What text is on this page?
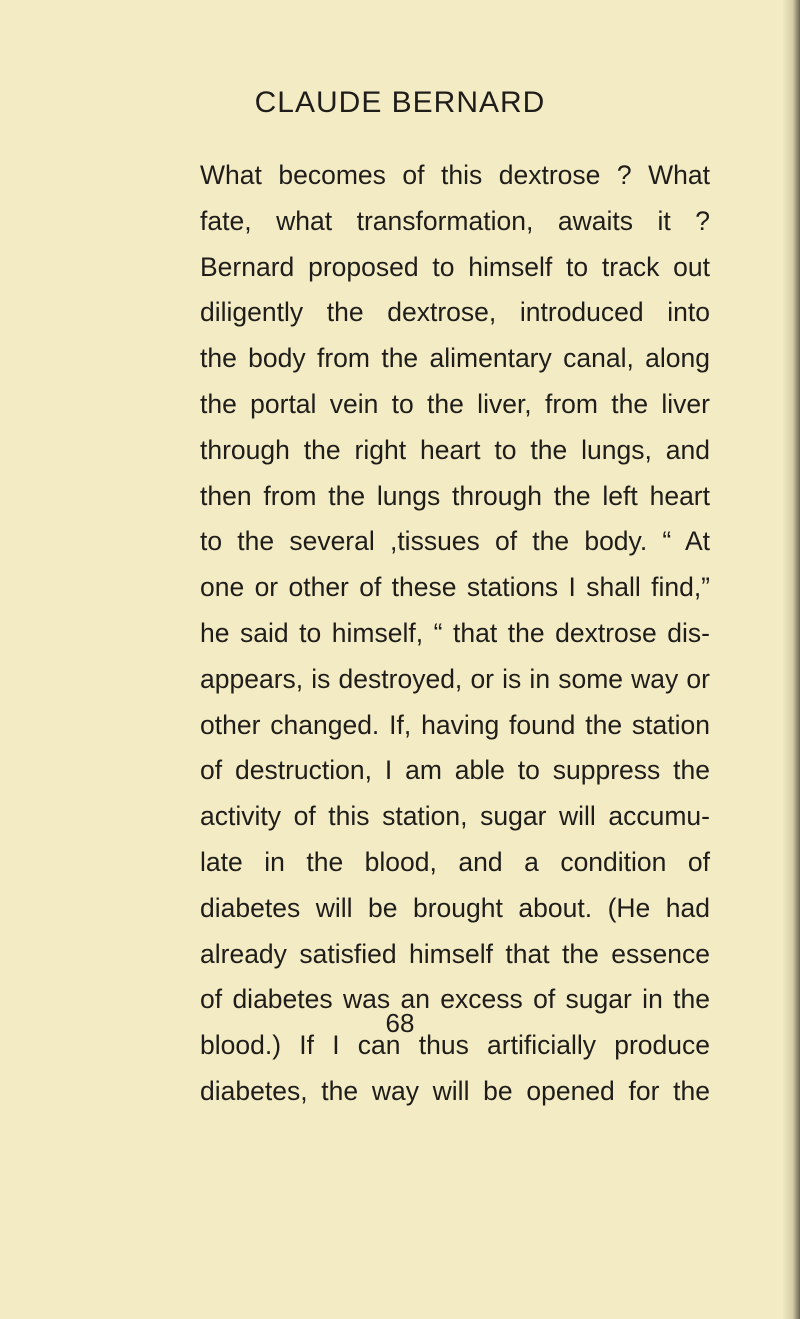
CLAUDE BERNARD
What becomes of this dextrose ? What
fate, what transformation, awaits it ?
Bernard proposed to himself to track out
diligently the dextrose, introduced into
the body from the alimentary canal, along
the portal vein to the liver, from the liver
through the right heart to the lungs, and
then from the lungs through the left heart
to the several ,tissues of the body. “ At
one or other of these stations I shall find,”
he said to himself, “ that the dextrose dis-
appears, is destroyed, or is in some way or
other changed. If, having found the station
of destruction, I am able to suppress the
activity of this station, sugar will accumu-
late in the blood, and a condition of
diabetes will be brought about. (He had
already satisfied himself that the essence
of diabetes was an excess of sugar in the
blood.) If I can thus artificially produce
diabetes, the way will be opened for the
68
